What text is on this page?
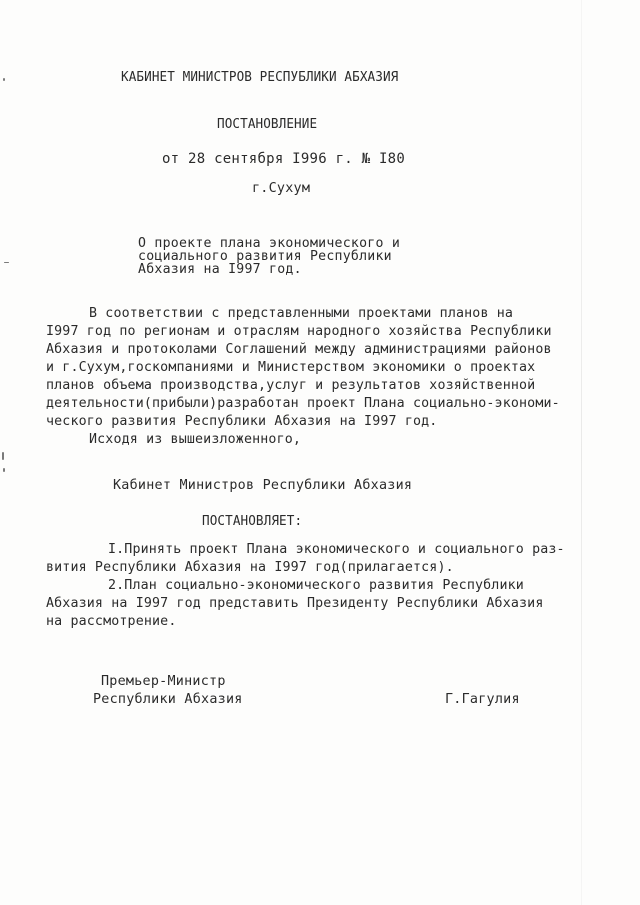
КАБИНЕТ МИНИСТРОВ РЕСПУБЛИКИ АБХАЗИЯ
ПОСТАНОВЛЕНИЕ
от 28 сентября I996 г. № I80
г.Сухум
О проекте плана экономического и
социального развития Республики
Абхазия на I997 год.
В соответствии с представленными проектами планов на
I997 год по регионам и отраслям народного хозяйства Республики
Абхазия и протоколами Соглашений между администрациями районов
и г.Сухум,госкомпаниями и Министерством экономики о проектах
планов объема производства,услуг и результатов хозяйственной
деятельности(прибыли)разработан проект Плана социально-экономи-
ческого развития Республики Абхазия на I997 год.
Исходя из вышеизложенного,
Кабинет Министров Республики Абхазия
ПОСТАНОВЛЯЕТ:
I.Принять проект Плана экономического и социального раз-
вития Республики Абхазия на I997 год(прилагается).
2.План социально-экономического развития Республики
Абхазия на I997 год представить Президенту Республики Абхазия
на рассмотрение.
Премьер-Министр
Республики Абхазия	Г.Гагулия
